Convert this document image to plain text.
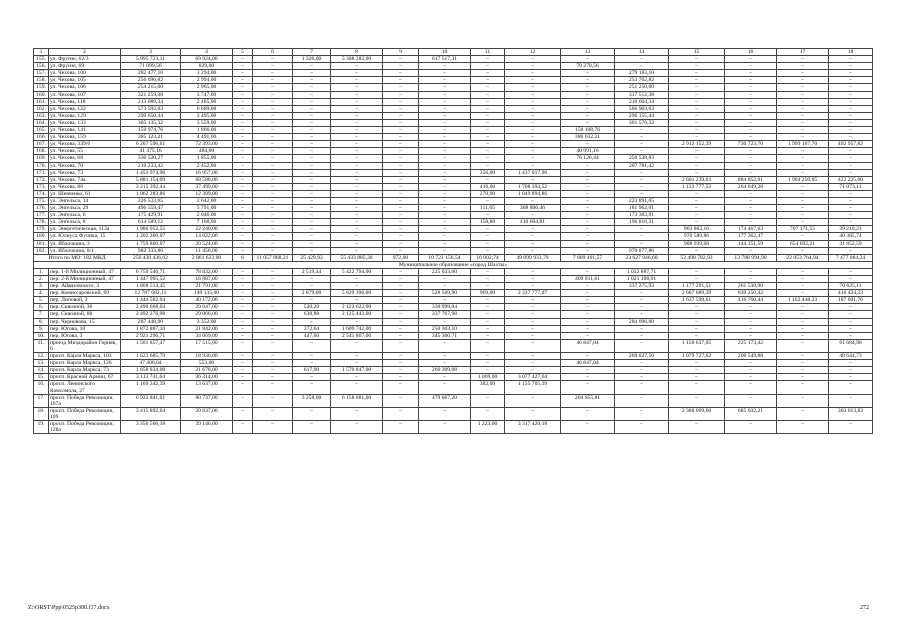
1	2	3	4	5	6	7	8	9	10	11	12	13	14	15	16	17	18
155.	ул. Фрунзе, 62/3	5 995 723,11	69 924,00	–	–	1 326,00	5 308 282,00	–	617 517,31	–	–	–	–	–	–	–	–
156.	ул. Фрунзе, 69	71 099,56	829,00	–	–	–	–	–	–	–	–	70 270,56	–	–	–	–	–
157.	ул. Чехова, 100	282 477,10	3 294,00	–	–	–	–	–	–	–	–	–	279 183,10	–	–	–	–
158.	ул. Чехова, 105	256 696,82	2 994,00	–	–	–	–	–	–	–	–	–	253 702,82	–	–	–	–
159.	ул. Чехова, 106	254 215,00	2 965,00	–	–	–	–	–	–	–	–	–	251 250,00	–	–	–	–
160.	ул. Чехова, 107	321 259,38	3 747,00	–	–	–	–	–	–	–	–	–	317 512,38	–	–	–	–
161.	ул. Чехова, 118	213 089,34	2 485,00	–	–	–	–	–	–	–	–	–	210 604,34	–	–	–	–
162.	ул. Чехова, 122	573 592,03	6 689,00	–	–	–	–	–	–	–	–	–	566 903,03	–	–	–	–
163.	ул. Чехова, 129	299 650,44	3 495,00	–	–	–	–	–	–	–	–	–	296 155,44	–	–	–	–
164.	ул. Чехова, 133	305 135,32	3 559,00	–	–	–	–	–	–	–	–	–	301 576,32	–	–	–	–
165.	ул. Чехова, 141	159 974,76	1 866,00	–	–	–	–	–	–	–	–	158 108,76	–	–	–	–	–
166.	ул. Чехова, 159	385 123,21	4 491,00	–	–	–	–	–	–	–	–	380 632,21	–	–	–	–	–
167.	ул. Чехова, 339/6	6 207 596,61	72 393,00	–	–	–	–	–	–	–	–	–	–	2 912 152,39	730 723,70	1 999 167,70	492 957,82
168.	ул. Чехова, 55	41 475,16	484,00	–	–	–	–	–	–	–	–	40 991,16	–	–	–	–	–
169.	ул. Чехова, 68	330 520,27	1 855,00	–	–	–	–	–	–	–	–	76 126,44	250 538,83	–	–	–	–
170.	ул. Чехова, 70	210 233,42	2 452,00	–	–	–	–	–	–	–	–	–	207 781,42	–	–	–	–
171.	ул. Чехова, 73	1 453 974,96	16 957,00	–	–	–	–	–	–	356,00	1 437 017,96	–	–	–	–	–	–
172.	ул. Чехова, 74а	5 881 154,09	68 588,00	–	–	–	–	–	–	–	–	–	–	2 601 239,03	884 852,01	1 904 250,05	422 225,00
173.	ул. Чехова, 86	3 215 392,44	37 499,00	–	–	–	–	–	–	416,00	1 708 393,52	–	–	1 133 777,53	264 649,28	–	71 073,11
174.	ул. Шевченко, 61	1 062 283,86	12 389,00	–	–	–	–	–	–	270,00	1 049 894,86	–	–	–	–	–	–
175.	ул. Энгельса, 14	226 533,65	2 642,00	–	–	–	–	–	–	–	–	–	223 891,65	–	–	–	–
176.	ул. Энгельса, 29	496 559,47	5 791,00	–	–	–	–	–	–	111,65	308 806,46	–	181 962,01	–	–	–	–
177.	ул. Энгельса, 6	175 429,91	2 046,00	–	–	–	–	–	–	–	–	–	173 383,91	–	–	–	–
178.	ул. Энгельса, 8	614 589,12	7 168,00	–	–	–	–	–	–	158,80	410 604,81	–	196 816,31	–	–	–	–
179.	ул. Энергетическая, 113а	1 906 952,55	22 240,00	–	–	–	–	–	–	–	–	–	–	963 863,16	174 467,63	707 171,55	39 210,21
180.	ул. Юлиуса Фучика, 15	1 202 360,07	14 022,00	–	–	–	–	–	–	–	–	–	–	970 589,86	177 362,47	–	40 385,74
181.	ул. Яблочкина, 3	1 759 860,07	20 524,00	–	–	–	–	–	–	–	–	–	–	908 939,68	144 351,59	654 692,21	31 852,59
182.	ул. Яблочкина, 8/1	982 333,86	11 456,00	–	–	–	–	–	–	–	–	–	970 877,86	–	–	–	–
Итого по МО: 182 МКД		256 430 436,02	2 861 623,00	6	11 057 868,21	25 429,93	55 433 885,30	972,00	10 721 156,54	16 002,74	49 099 933,79	7 809 401,57	23 627 946,60	52 498 782,93	13 788 994,90	22 053 764,94	7 477 084,24
Муниципальное образование «город Шахты»																	
1.	пер. 1-й Милиционный, 47	6 759 546,71	78 832,00	–	–	2 519,44	5 422 794,00	–	225 033,00	–	–	–	1 032 887,71	–	–	–	–
2.	пер. 2-й Милиционный, 47	1 447 995,52	16 887,00	–	–	–	–	–	–	–	–	409 911,61	1 021 196,91	–	–	–	–
3.	пер. Айвазовского, 3	1 868 514,45	21 791,00	–	–	–	–	–	–	–	–	–	337 275,93	1 177 291,51	261 530,90	–	70 625,11
4.	пер. Комиссаровский, 69	12 787 682,11	149 135,00	–	–	2 879,00	5 829 396,00	–	528 569,90	969,00	2 337 777,07	–	–	2 687 089,39	839 250,42	–	416 424,33
5.	пер. Липовой, 2	1 444 582,04	40 172,00	–	–	–	–	–	–	–	–	–	–	1 637 599,61	416 760,44	1 162 448,23	187 601,76
6.	пер. Сквозной, 36	2 490 668,04	29 047,00	–	–	520,20	2 122 622,00	–	338 999,04	–	–	–	–	–	–	–	–
7.	пер. Сквозной, 88	2 492 276,98	29 066,00	–	–	638,88	2 125 443,00	–	337 767,98	–	–	–	–	–	–	–	–
8.	пер. Черновова, 15	287 448,00	3 352,00	–	–	–	–	–	–	–	–	–	284 096,00	–	–	–	–
9.	пер. Югова, 10	1 872 887,10	21 842,00	–	–	372,64	1 609 742,00	–	250 303,10	–	–	–	–	–	–	–	–
10.	пер. Югова, 3	2 921 296,71	34 069,00	–	–	447,60	2 541 867,00	–	345 360,71	–	–	–	–	–	–	–	–
11.	проезд Миздорайон Горняк, 6	1 501 857,47	17 515,00	–	–	–	–	–	–	–	–	46 847,04	–	1 150 637,05	225 173,42	–	61 684,96
12.	просп. Карла Маркса, 103	1 623 685,79	18 936,00	–	–	–	–	–	–	–	–	–	269 827,56	1 079 727,62	206 549,88	–	48 644,73
13.	просп. Карла Маркса, 126	47 400,04	553,00	–	–	–	–	–	–	–	–	46 847,04	–	–	–	–	–
14.	просп. Карла Маркса, 73	1 858 834,08	21 678,00	–	–	617,00	1 570 847,00	–	266 309,08	–	–	–	–	–	–	–	–
15.	просп. Красной Армии, 67	3 113 741,64	36 314,00	–	–	–	–	–	–	1 069,00	3 077 427,64	–	–	–	–	–	–
16.	просп. Ленинского Комсомола, 27	1 169 342,39	13 637,00	–	–	–	–	–	–	382,00	1 155 705,39	–	–	–	–	–	–
17.	просп. Победа Революции, 107а	6 922 841,01	80 737,00	–	–	3 258,00	6 158 081,00	–	479 067,20	–	–	204 955,81	–	–	–	–	–
18.	просп. Победа Революции, 109	3 415 892,64	39 837,00	–	–	–	–	–	–	–	–	–	–	2 388 009,60	685 032,21	–	303 013,83
19.	просп. Победа Революции, 128а	3 356 566,18	39 146,00	–	–	–	–	–	–	1 223,00	3 317 420,18	–	–	–	–	–	–
Z:\ORST\Ppp\0525p380.f17.docx	272
